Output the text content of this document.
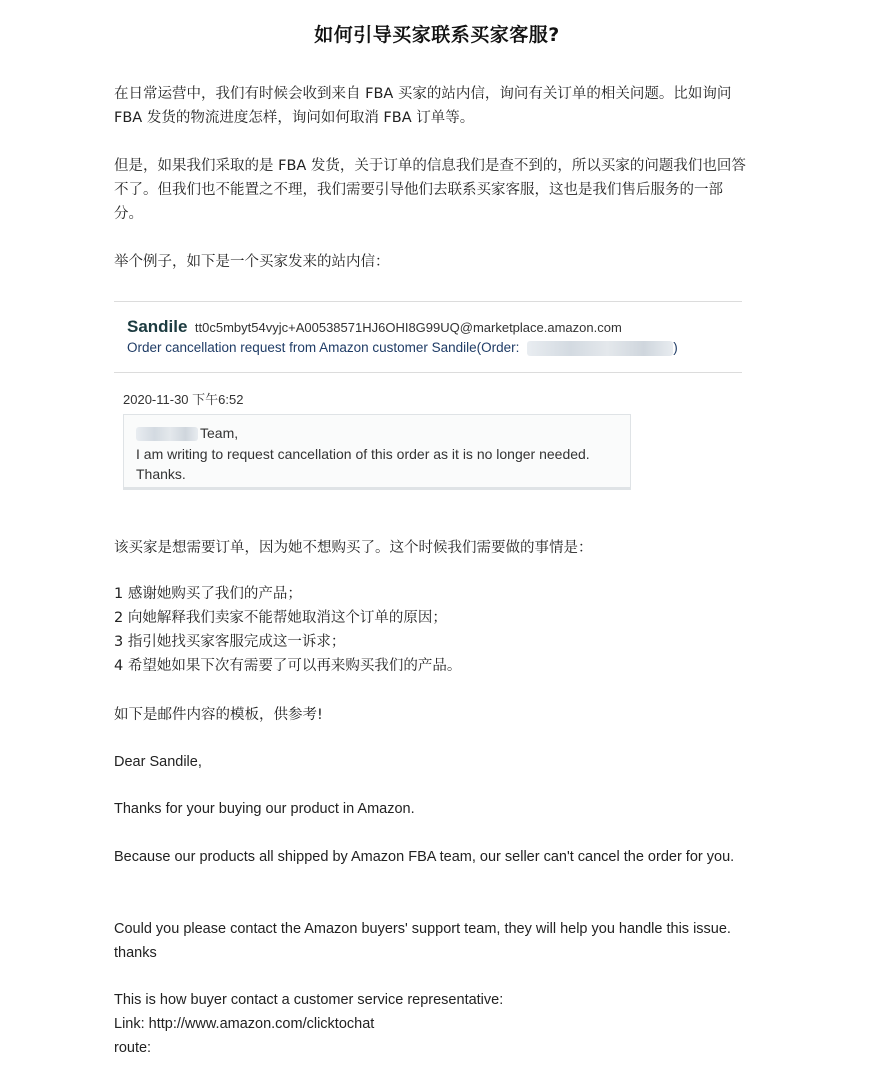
如何引导买家联系买家客服?
在日常运营中，我们有时候会收到来自 FBA 买家的站内信，询问有关订单的相关问题。比如询问 FBA 发货的物流进度怎样，询问如何取消 FBA 订单等。
但是，如果我们采取的是 FBA 发货，关于订单的信息我们是查不到的，所以买家的问题我们也回答不了。但我们也不能置之不理，我们需要引导他们去联系买家客服，这也是我们售后服务的一部分。
举个例子，如下是一个买家发来的站内信：
Sandile tt0c5mbyt54vyjc+A00538571HJ6OHI8G99UQ@marketplace.amazon.com
Order cancellation request from Amazon customer Sandile(Order:	)
2020-11-30 下午6:52
Team,
I am writing to request cancellation of this order as it is no longer needed.
Thanks.
该买家是想需要订单，因为她不想购买了。这个时候我们需要做的事情是：
1 感谢她购买了我们的产品；
2 向她解释我们卖家不能帮她取消这个订单的原因；
3 指引她找买家客服完成这一诉求；
4 希望她如果下次有需要了可以再来购买我们的产品。
如下是邮件内容的模板，供参考!
Dear Sandile,
Thanks for your buying our product in Amazon.
Because our products all shipped by Amazon FBA team, our seller can't cancel the order for you.
Could you please contact the Amazon buyers' support team, they will help you handle this issue. thanks
This is how buyer contact a customer service representative:
Link: http://www.amazon.com/clicktochat
route:
